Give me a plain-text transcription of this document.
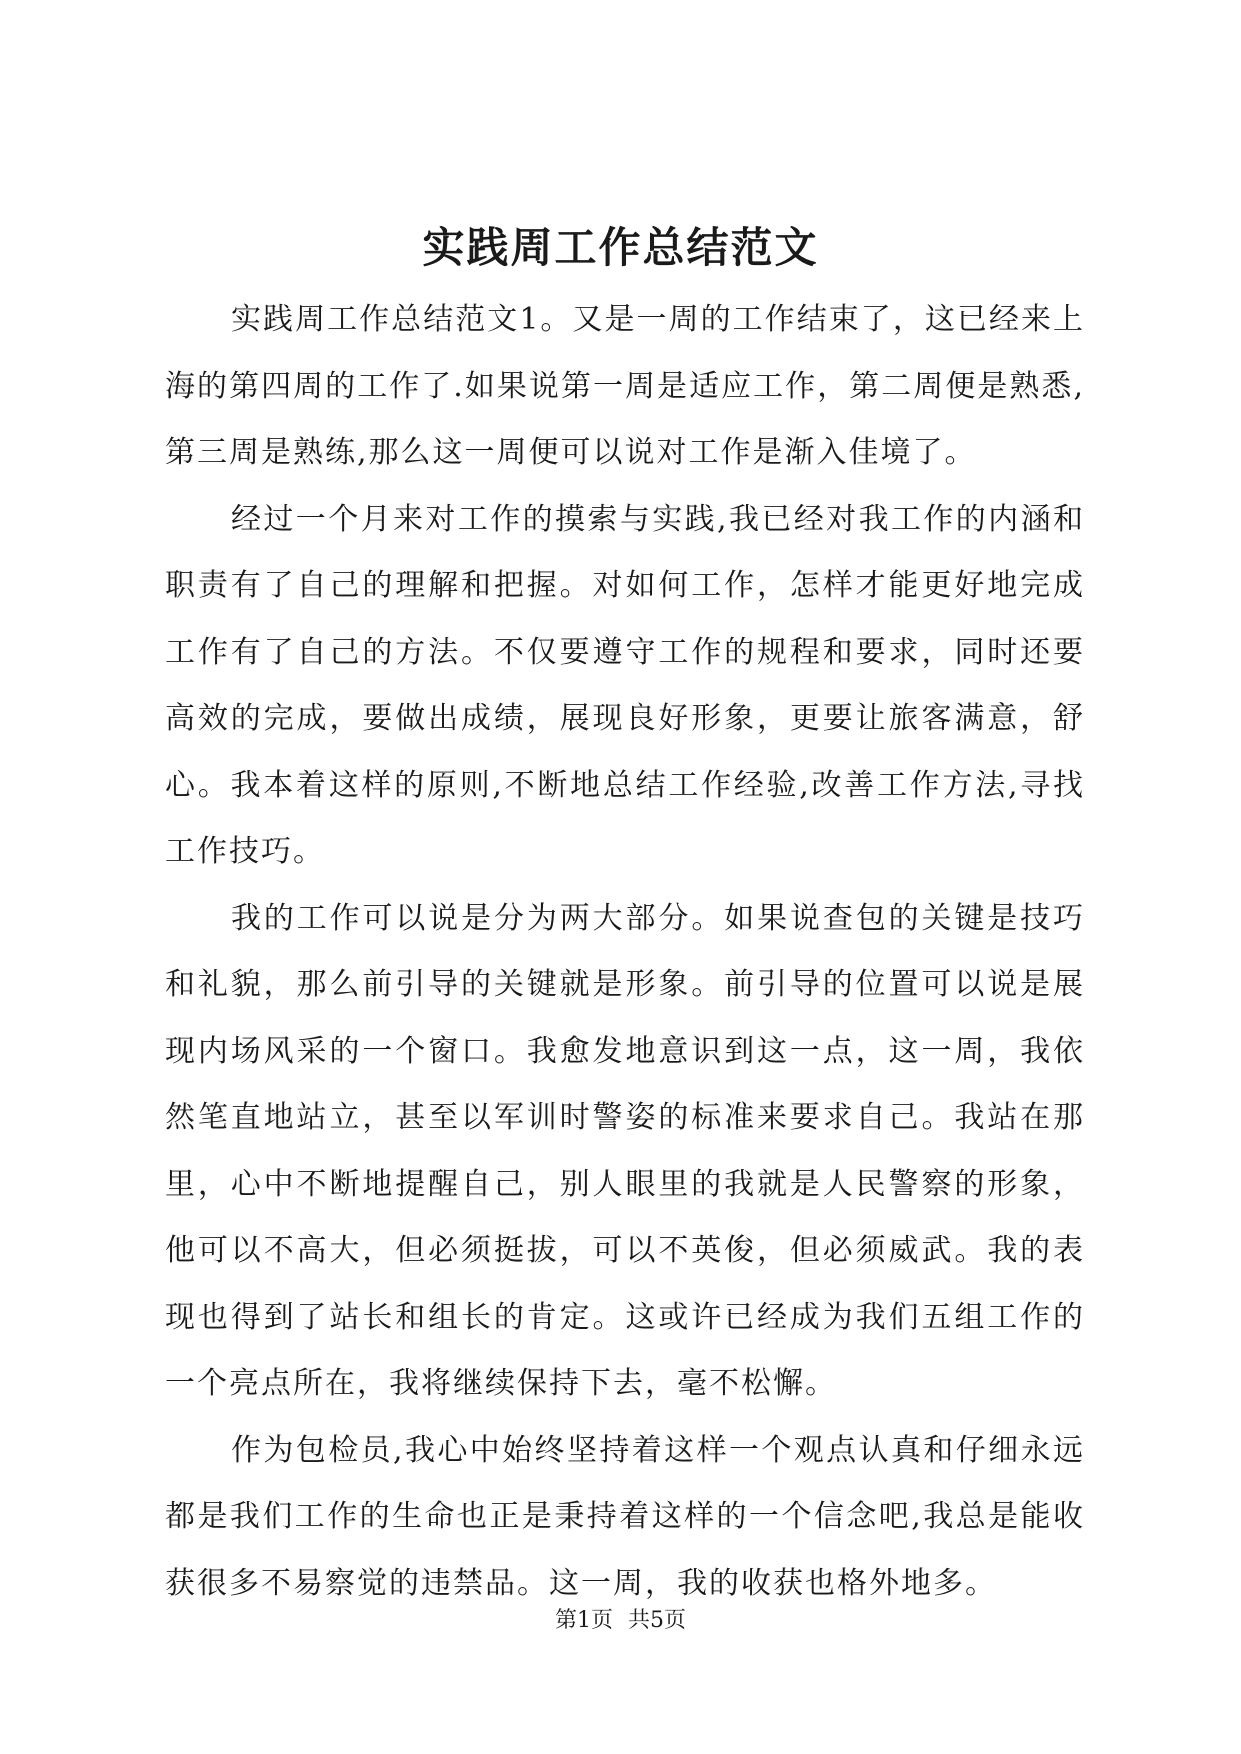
实践周工作总结范文

实践周工作总结范文1。又是一周的工作结束了，这已经来上海的第四周的工作了.如果说第一周是适应工作，第二周便是熟悉,第三周是熟练,那么这一周便可以说对工作是渐入佳境了。

经过一个月来对工作的摸索与实践,我已经对我工作的内涵和职责有了自己的理解和把握。对如何工作，怎样才能更好地完成工作有了自己的方法。不仅要遵守工作的规程和要求，同时还要高效的完成，要做出成绩，展现良好形象，更要让旅客满意，舒心。我本着这样的原则,不断地总结工作经验,改善工作方法,寻找工作技巧。

我的工作可以说是分为两大部分。如果说查包的关键是技巧和礼貌，那么前引导的关键就是形象。前引导的位置可以说是展现内场风采的一个窗口。我愈发地意识到这一点，这一周，我依然笔直地站立，甚至以军训时警姿的标准来要求自己。我站在那里，心中不断地提醒自己，别人眼里的我就是人民警察的形象，他可以不高大，但必须挺拔，可以不英俊，但必须威武。我的表现也得到了站长和组长的肯定。这或许已经成为我们五组工作的一个亮点所在，我将继续保持下去，毫不松懈。

作为包检员,我心中始终坚持着这样一个观点认真和仔细永远都是我们工作的生命也正是秉持着这样的一个信念吧,我总是能收获很多不易察觉的违禁品。这一周，我的收获也格外地多。

第1页 共5页
